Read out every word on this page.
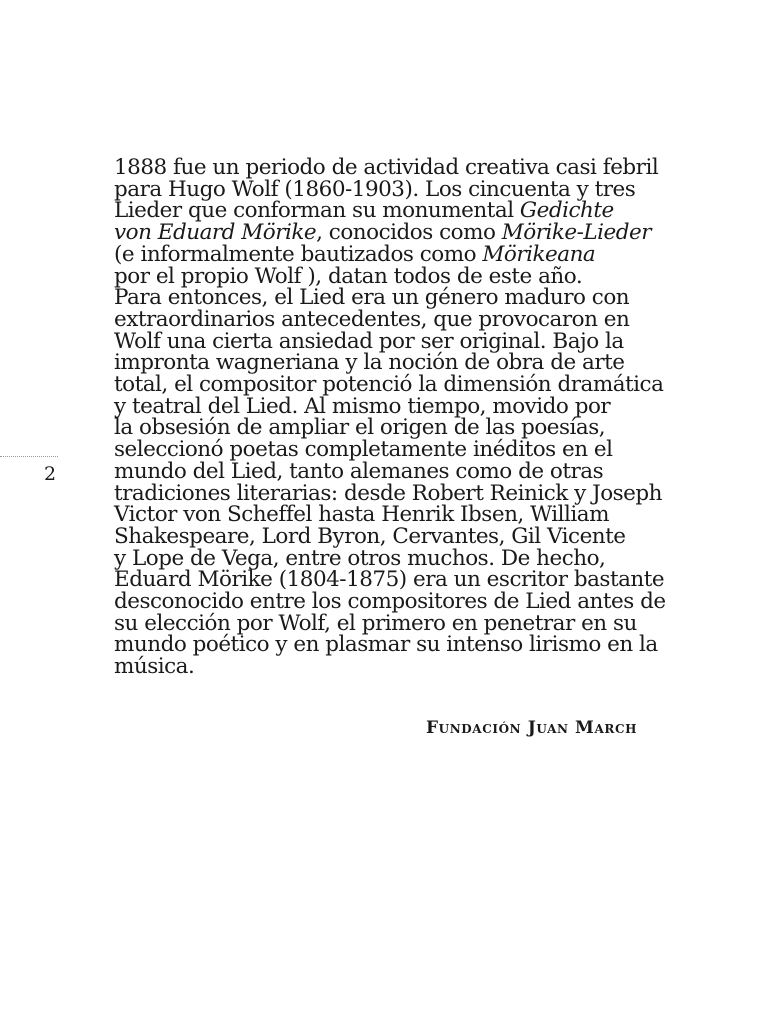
2
1888 fue un periodo de actividad creativa casi febril
para Hugo Wolf (1860-1903). Los cincuenta y tres
Lieder que conforman su monumental Gedichte
von Eduard Mörike, conocidos como Mörike-Lieder
(e informalmente bautizados como Mörikeana
por el propio Wolf ), datan todos de este año.
Para entonces, el Lied era un género maduro con
extraordinarios antecedentes, que provocaron en
Wolf una cierta ansiedad por ser original. Bajo la
impronta wagneriana y la noción de obra de arte
total, el compositor potenció la dimensión dramática
y teatral del Lied. Al mismo tiempo, movido por
la obsesión de ampliar el origen de las poesías,
seleccionó poetas completamente inéditos en el
mundo del Lied, tanto alemanes como de otras
tradiciones literarias: desde Robert Reinick y Joseph
Victor von Scheffel hasta Henrik Ibsen, William
Shakespeare, Lord Byron, Cervantes, Gil Vicente
y Lope de Vega, entre otros muchos. De hecho,
Eduard Mörike (1804-1875) era un escritor bastante
desconocido entre los compositores de Lied antes de
su elección por Wolf, el primero en penetrar en su
mundo poético y en plasmar su intenso lirismo en la
música.
Fundación Juan March
